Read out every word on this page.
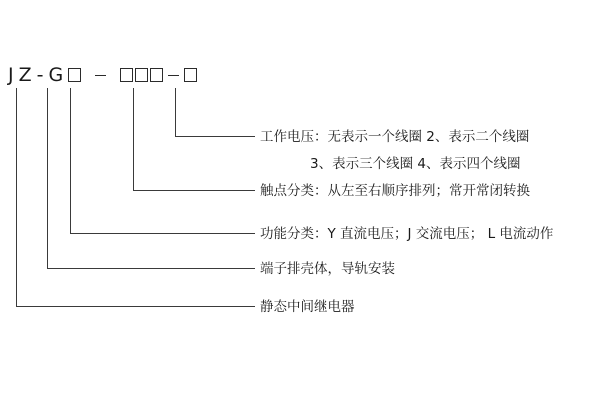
J Z - G
工作电压：无表示一个线圈 2、表示二个线圈
3、表示三个线圈 4、表示四个线圈
触点分类：从左至右顺序排列；常开常闭转换
功能分类：Y 直流电压；J 交流电压； L 电流动作
端子排壳体，导轨安装
静态中间继电器
